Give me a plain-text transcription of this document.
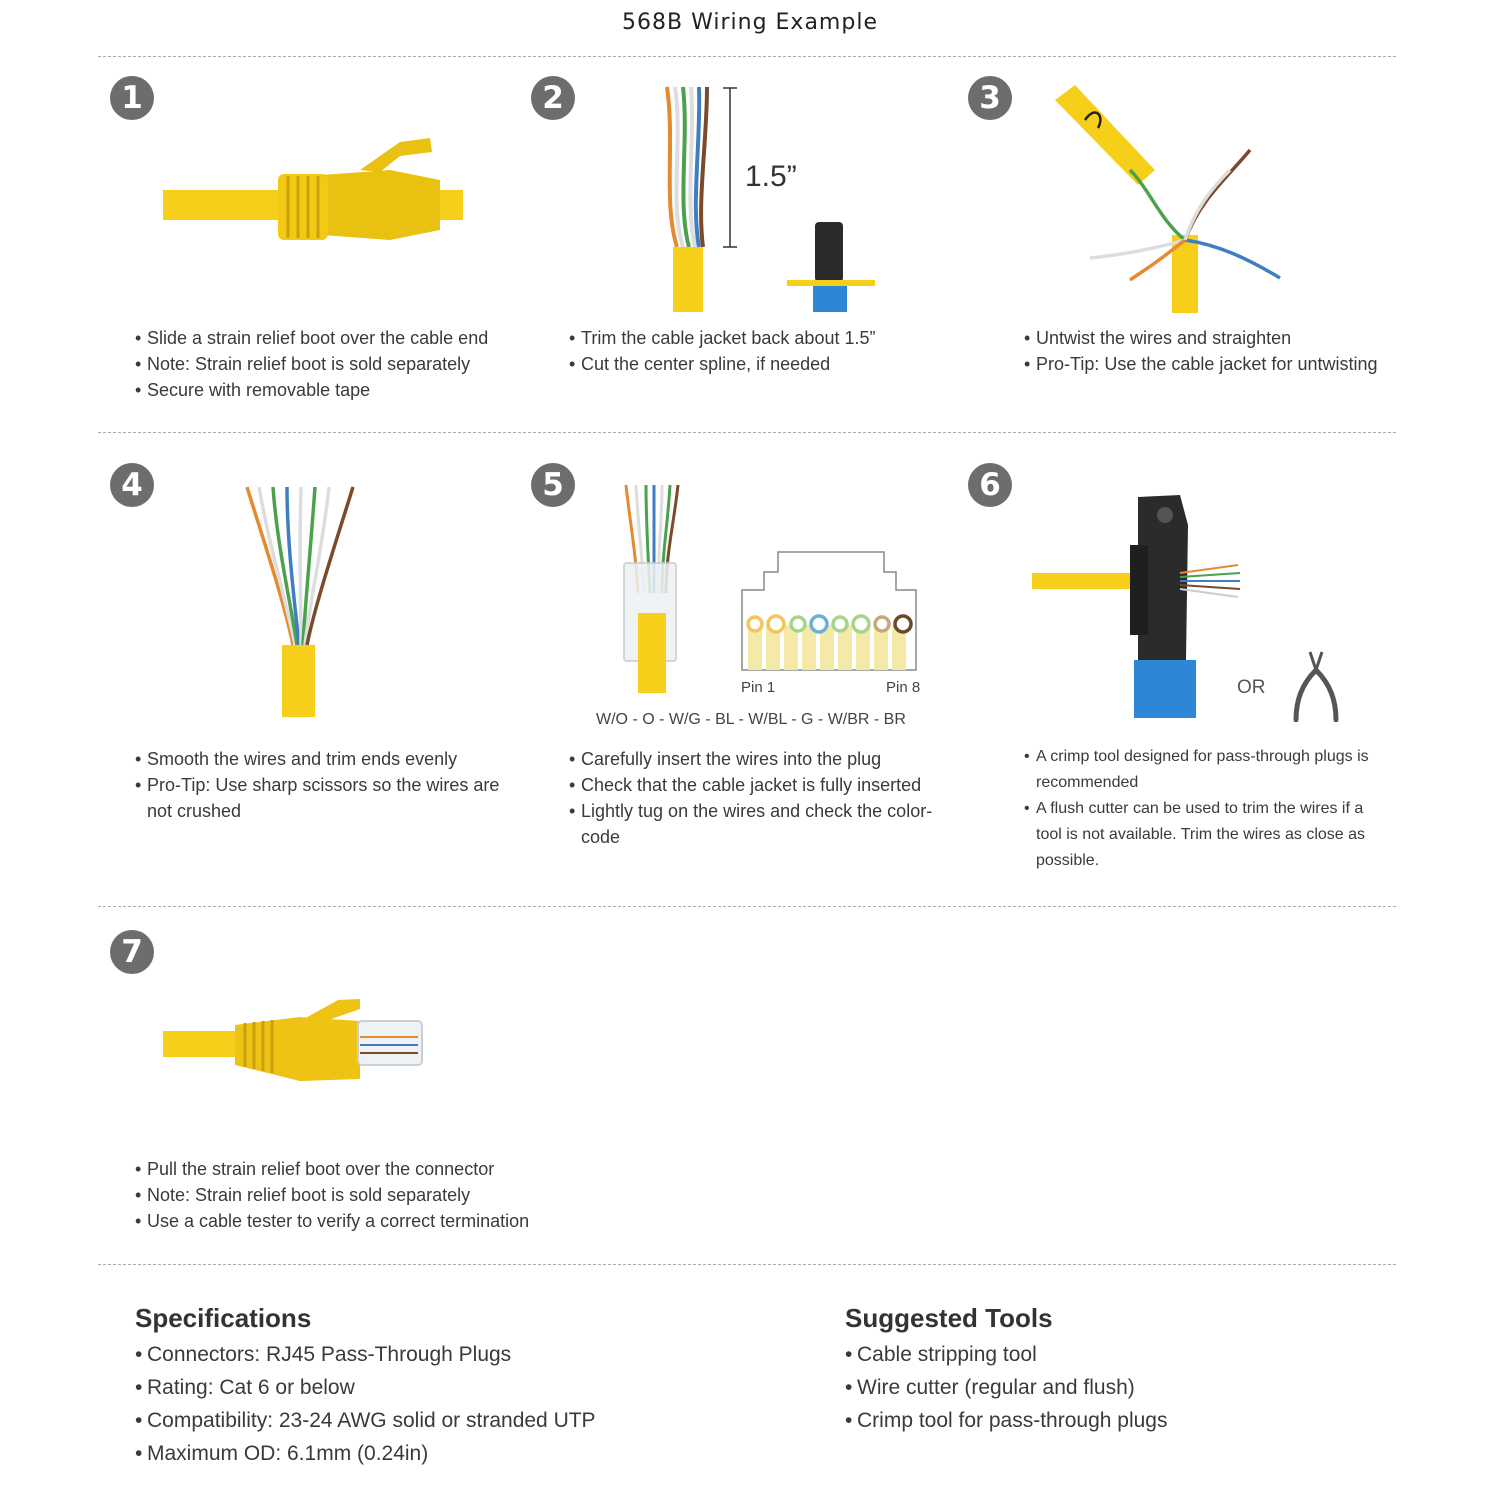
568B Wiring Example
1
• Slide a strain relief boot over the cable end
• Note: Strain relief boot is sold separately
• Secure with removable tape
2
1.5”
• Trim the cable jacket back about 1.5”
• Cut the center spline, if needed
3
• Untwist the wires and straighten
• Pro-Tip: Use the cable jacket for untwisting
4
• Smooth the wires and trim ends evenly
• Pro-Tip: Use sharp scissors so the wires are not crushed
5
Pin 1	Pin 8
W/O - O - W/G - BL - W/BL - G - W/BR - BR
• Carefully insert the wires into the plug
• Check that the cable jacket is fully inserted
• Lightly tug on the wires and check the color-code
6
OR
• A crimp tool designed for pass-through plugs is recommended
• A flush cutter can be used to trim the wires if a tool is not available. Trim the wires as close as possible.
7
• Pull the strain relief boot over the connector
• Note: Strain relief boot is sold separately
• Use a cable tester to verify a correct termination
Specifications
• Connectors: RJ45 Pass-Through Plugs
• Rating: Cat 6 or below
• Compatibility: 23-24 AWG solid or stranded UTP
• Maximum OD: 6.1mm (0.24in)
Suggested Tools
• Cable stripping tool
• Wire cutter (regular and flush)
• Crimp tool for pass-through plugs
